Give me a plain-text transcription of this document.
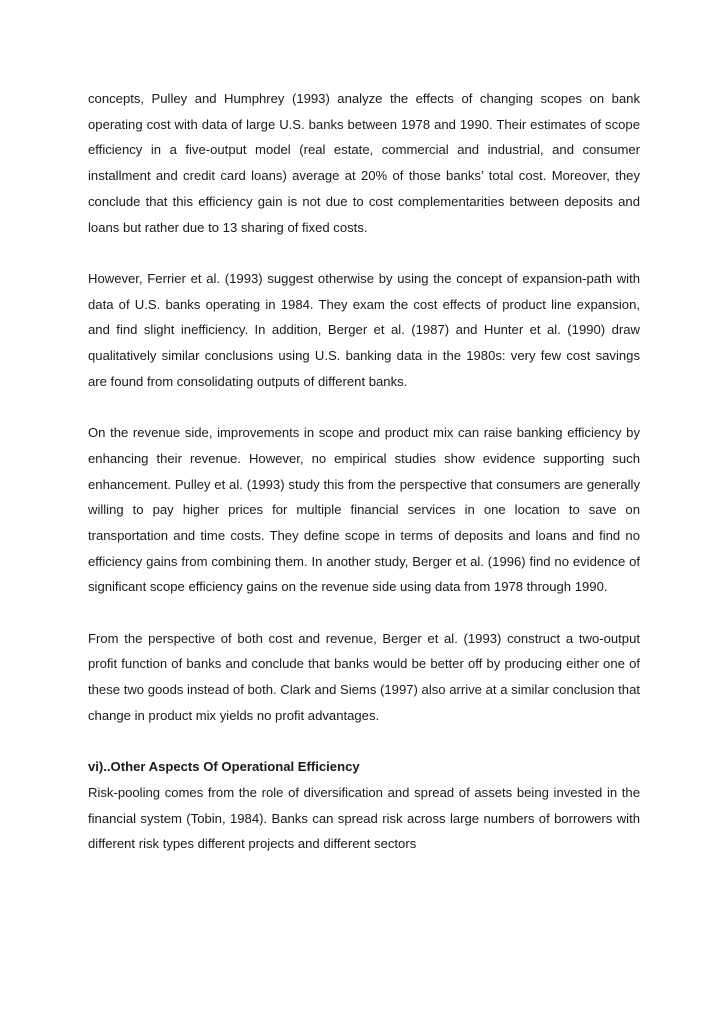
concepts, Pulley and Humphrey (1993) analyze the effects of changing scopes on bank operating cost with data of large U.S. banks between 1978 and 1990. Their estimates of scope efficiency in a five-output model (real estate, commercial and industrial, and consumer installment and credit card loans) average at 20% of those banks’ total cost. Moreover, they conclude that this efficiency gain is not due to cost complementarities between deposits and loans but rather due to 13 sharing of fixed costs.

However, Ferrier et al. (1993) suggest otherwise by using the concept of expansion-path with data of U.S. banks operating in 1984. They exam the cost effects of product line expansion, and find slight inefficiency. In addition, Berger et al. (1987) and Hunter et al. (1990) draw qualitatively similar conclusions using U.S. banking data in the 1980s: very few cost savings are found from consolidating outputs of different banks.

On the revenue side, improvements in scope and product mix can raise banking efficiency by enhancing their revenue. However, no empirical studies show evidence supporting such enhancement. Pulley et al. (1993) study this from the perspective that consumers are generally willing to pay higher prices for multiple financial services in one location to save on transportation and time costs. They define scope in terms of deposits and loans and find no efficiency gains from combining them. In another study, Berger et al. (1996) find no evidence of significant scope efficiency gains on the revenue side using data from 1978 through 1990.

From the perspective of both cost and revenue, Berger et al. (1993) construct a two-output profit function of banks and conclude that banks would be better off by producing either one of these two goods instead of both. Clark and Siems (1997) also arrive at a similar conclusion that change in product mix yields no profit advantages.

vi)..Other Aspects Of Operational Efficiency

Risk-pooling comes from the role of diversification and spread of assets being invested in the financial system (Tobin, 1984). Banks can spread risk across large numbers of borrowers with different risk types different projects and different sectors
